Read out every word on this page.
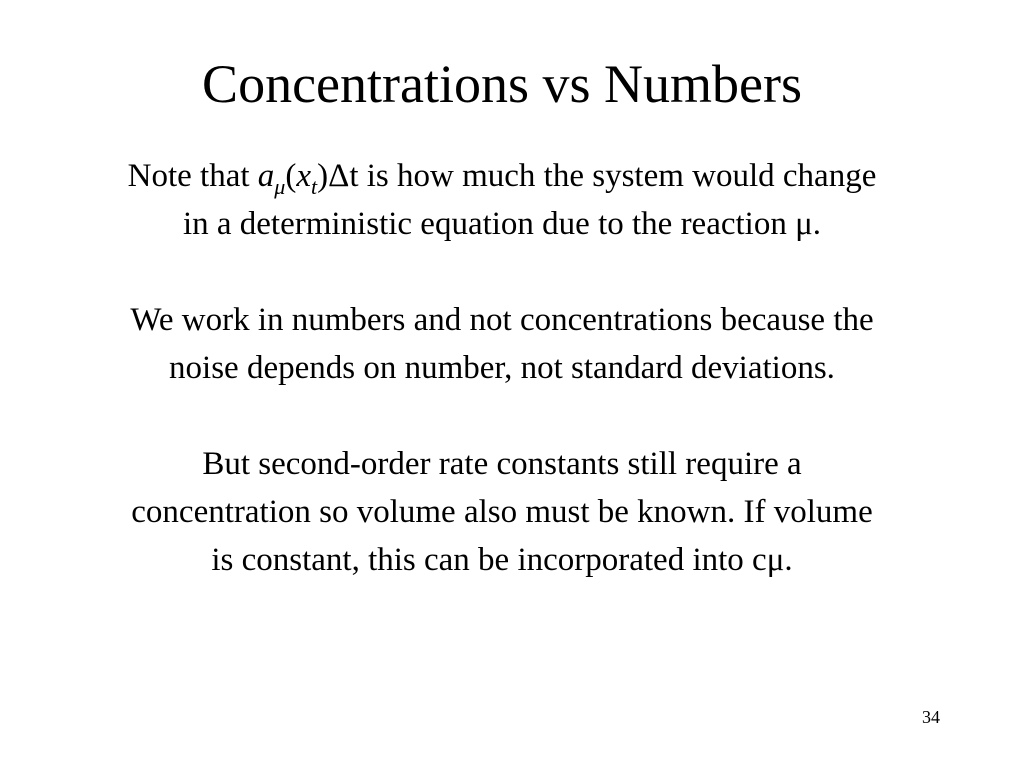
Concentrations vs Numbers

Note that $a_\mu(x_t)\Delta t$ is how much the system would change
in a deterministic equation due to the reaction μ.

We work in numbers and not concentrations because the
noise depends on number, not standard deviations.

But second-order rate constants still require a
concentration so volume also must be known. If volume
is constant, this can be incorporated into cμ.

34
